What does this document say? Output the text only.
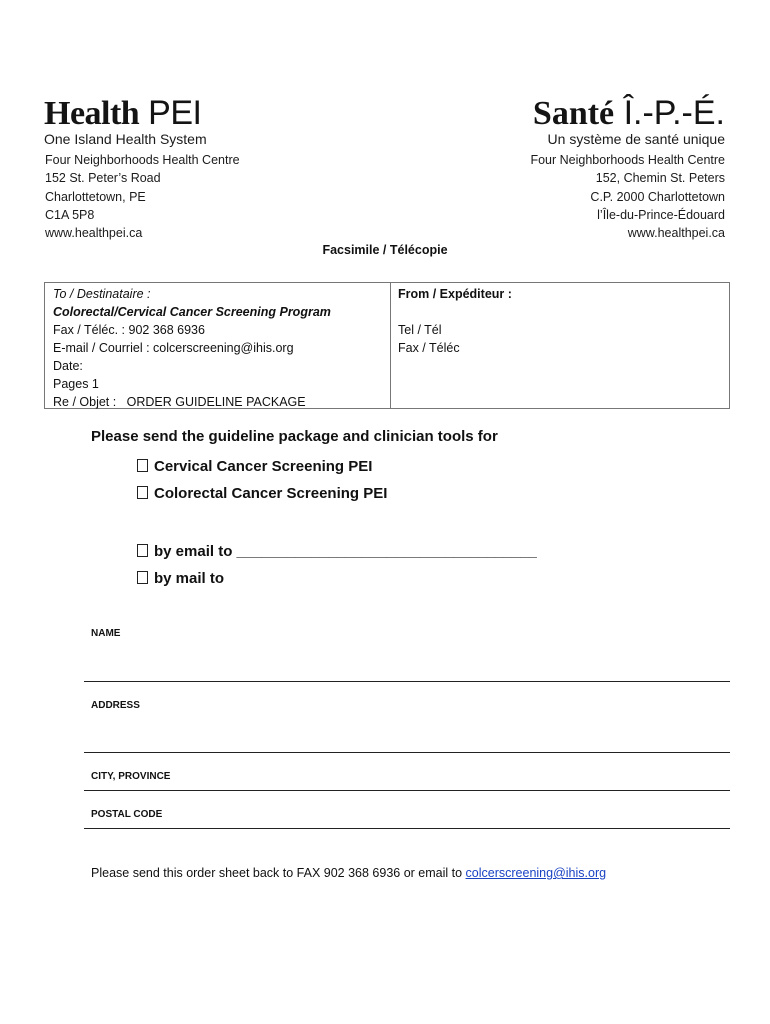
Health PEI
One Island Health System
Santé Î.-P.-É.
Un système de santé unique
Four Neighborhoods Health Centre
152 St. Peter’s Road
Charlottetown, PE
C1A 5P8
www.healthpei.ca
Four Neighborhoods Health Centre
152, Chemin St. Peters
C.P. 2000 Charlottetown
l’Île-du-Prince-Édouard
www.healthpei.ca
Facsimile / Télécopie
To / Destinataire :
Colorectal/Cervical Cancer Screening Program
Fax / Téléc. : 902 368 6936
E-mail / Courriel : colcerscreening@ihis.org
Date:
Pages 1
Re / Objet :   ORDER GUIDELINE PACKAGE
From / Expéditeur :
Tel / Tél
Fax / Téléc
Please send the guideline package and clinician tools for
Cervical Cancer Screening PEI
Colorectal Cancer Screening PEI
by email to ____________________________________
by mail to
NAME
ADDRESS
CITY, PROVINCE
POSTAL CODE
Please send this order sheet back to FAX 902 368 6936 or email to colcerscreening@ihis.org
